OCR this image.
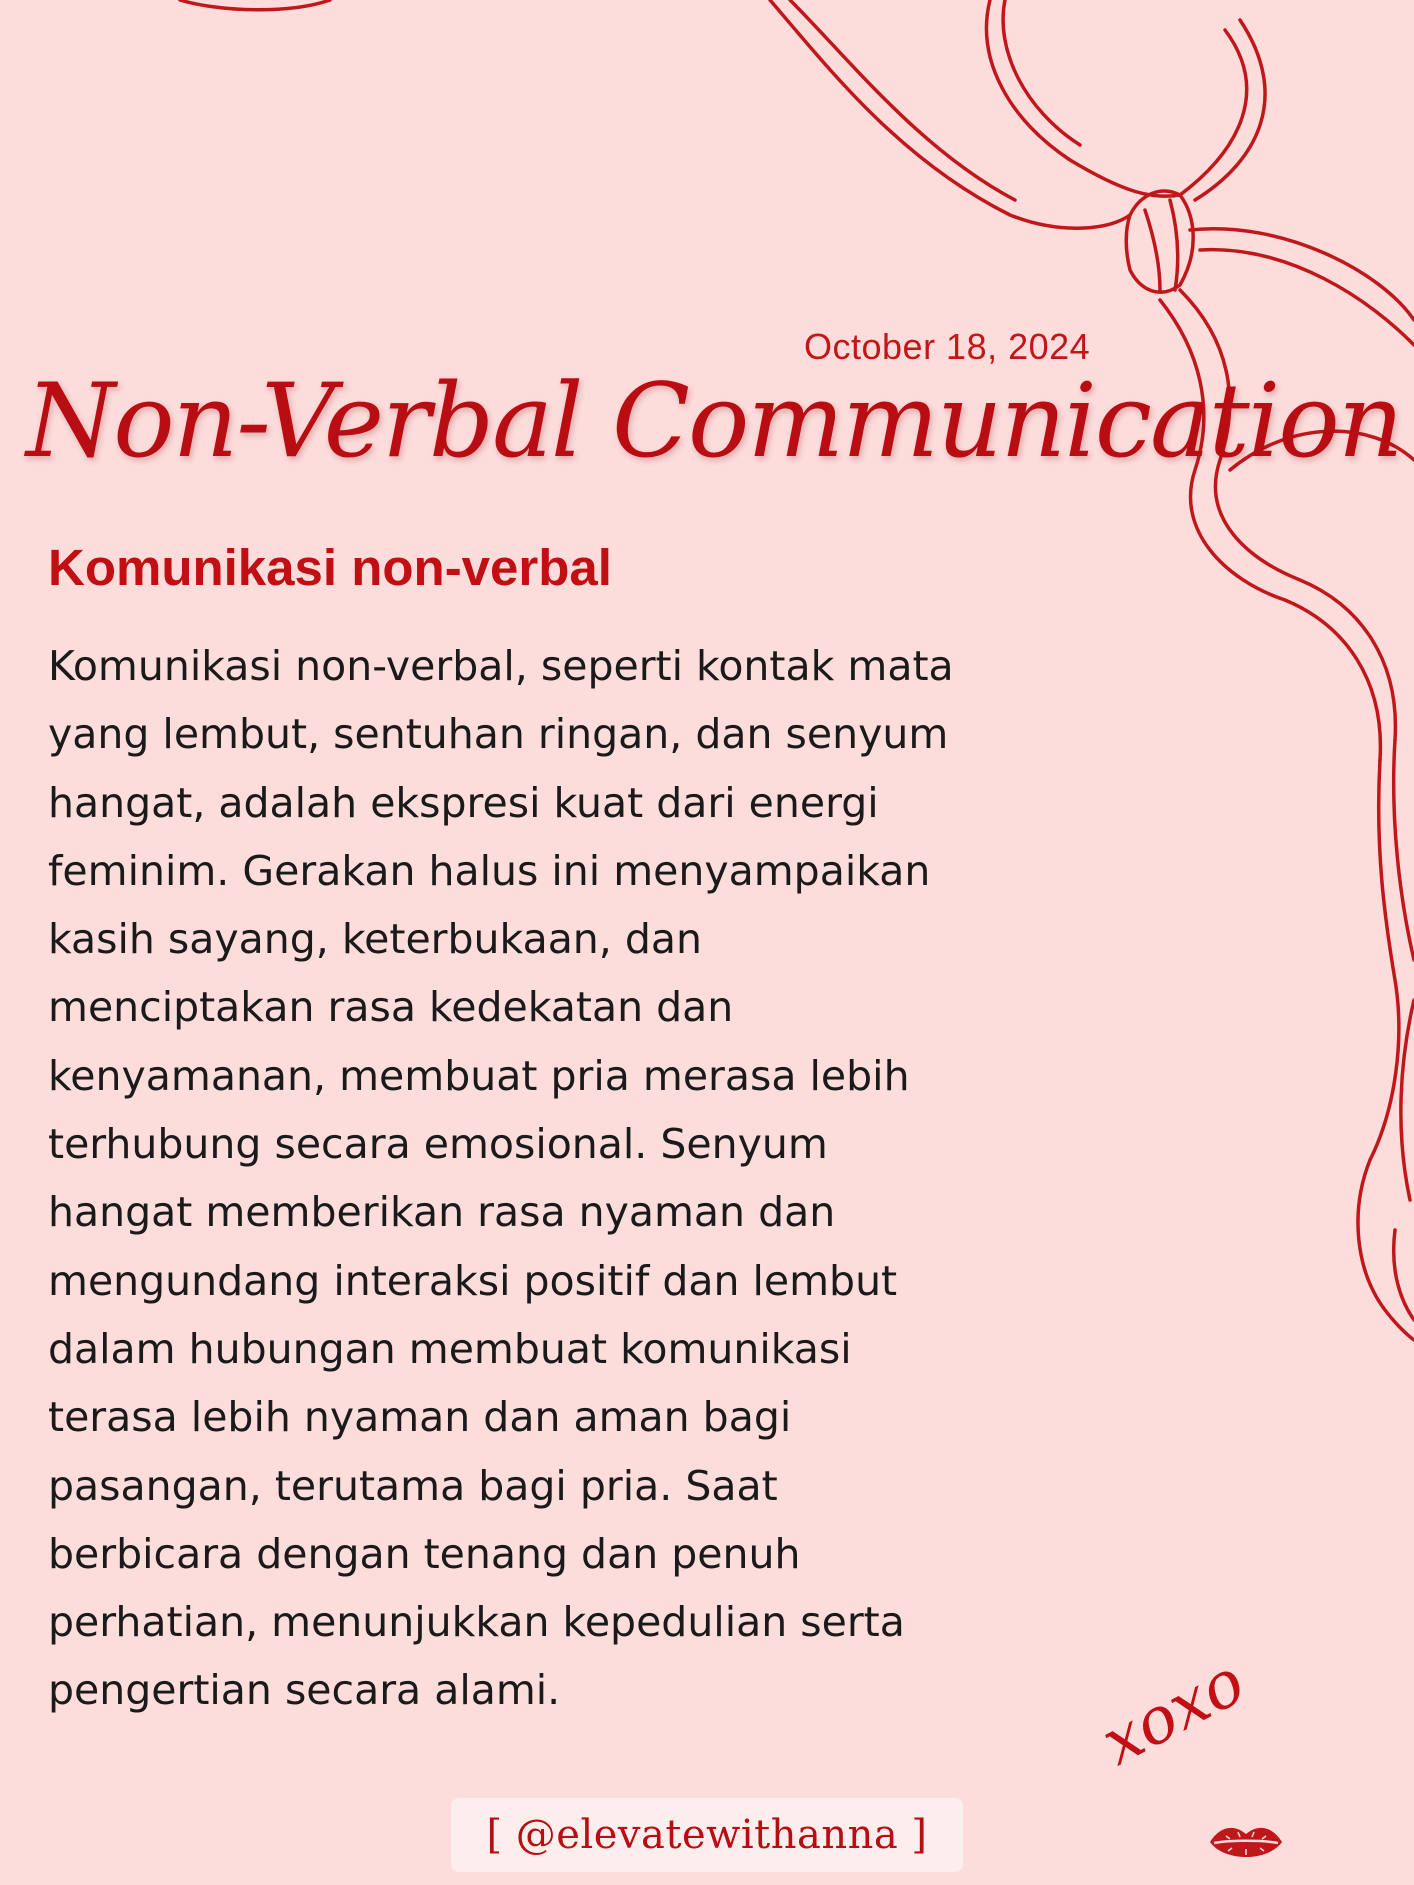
October 18, 2024
Non-Verbal Communication
Komunikasi non-verbal
Komunikasi non-verbal, seperti kontak mata
yang lembut, sentuhan ringan, dan senyum
hangat, adalah ekspresi kuat dari energi
feminim. Gerakan halus ini menyampaikan
kasih sayang, keterbukaan, dan
menciptakan rasa kedekatan dan
kenyamanan, membuat pria merasa lebih
terhubung secara emosional. Senyum
hangat memberikan rasa nyaman dan
mengundang interaksi positif dan lembut
dalam hubungan membuat komunikasi
terasa lebih nyaman dan aman bagi
pasangan, terutama bagi pria. Saat
berbicara dengan tenang dan penuh
perhatian, menunjukkan kepedulian serta
pengertian secara alami.
[ @elevatewithanna ]
xoxo
